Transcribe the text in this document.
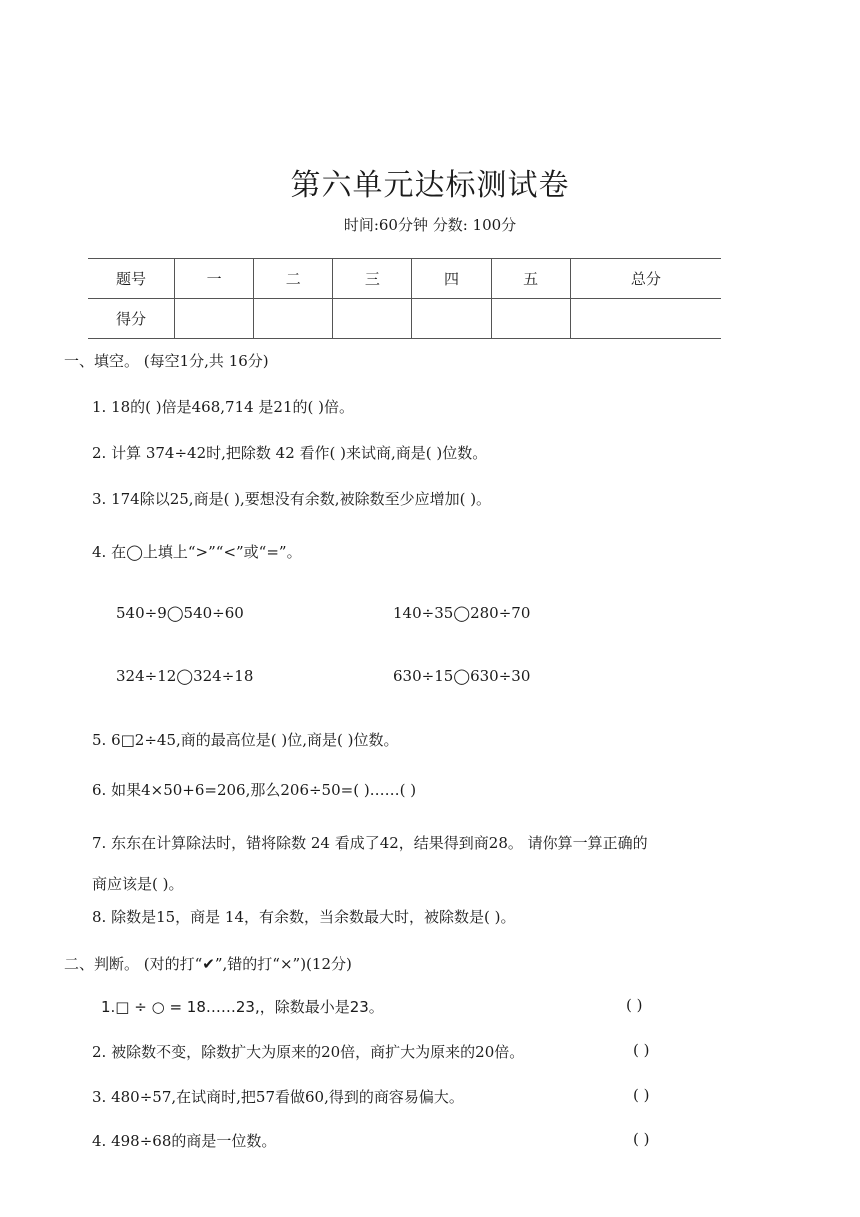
第六单元达标测试卷
时间:60分钟 分数: 100分
题号	一	二	三	四	五	总分
得分						
一、填空。 (每空1分,共 16分)
1. 18的( )倍是468,714 是21的( )倍。
2. 计算 374÷42时,把除数 42 看作( )来试商,商是( )位数。
3. 174除以25,商是( ),要想没有余数,被除数至少应增加( )。
4. 在◯上填上“>”“<”或“=”。
540÷9◯540÷60	140÷35◯280÷70
324÷12◯324÷18	630÷15◯630÷30
5. 6□2÷45,商的最高位是( )位,商是( )位数。
6. 如果4×50+6=206,那么206÷50=( )……( )
7. 东东在计算除法时，错将除数 24 看成了42，结果得到商28。 请你算一算正确的
商应该是( )。
8. 除数是15，商是 14，有余数，当余数最大时，被除数是( )。
二、判断。 (对的打“✔”,错的打“×”)(12分)
1.□ ÷ ○ = 18……23,，除数最小是23。	( )
2. 被除数不变，除数扩大为原来的20倍，商扩大为原来的20倍。	( )
3. 480÷57,在试商时,把57看做60,得到的商容易偏大。	( )
4. 498÷68的商是一位数。	( )
